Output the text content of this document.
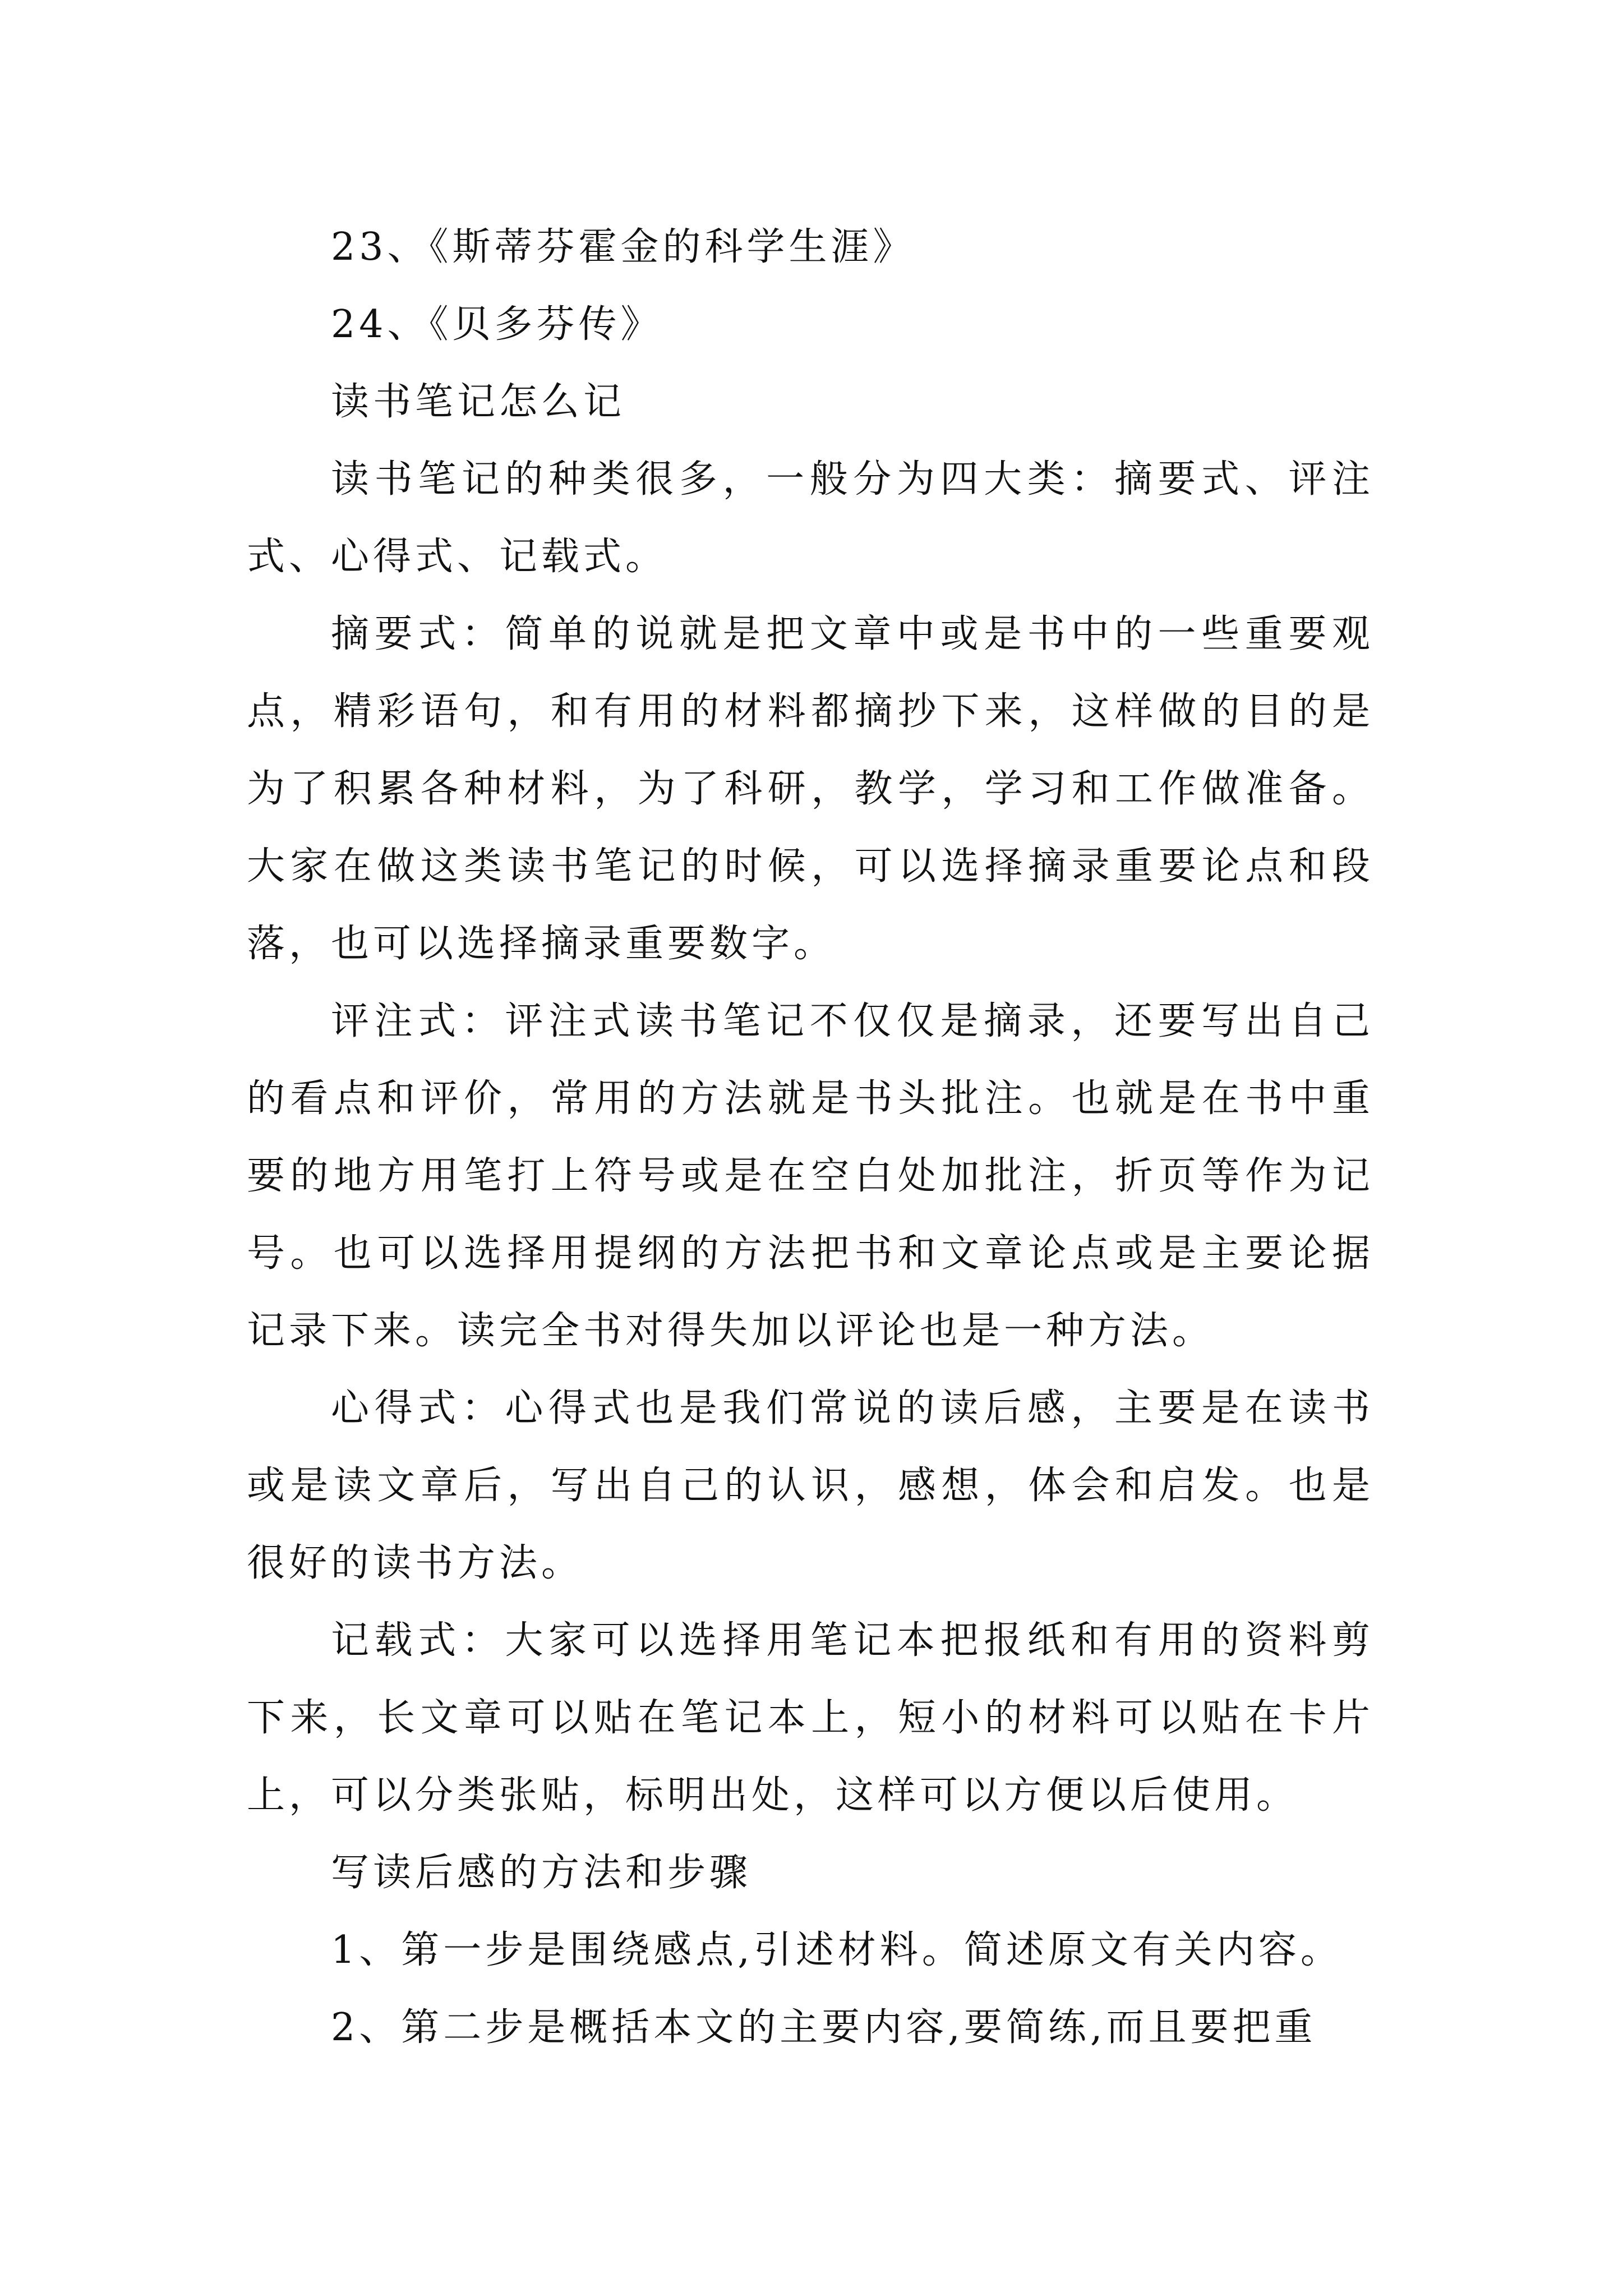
23、《斯蒂芬霍金的科学生涯》

24、《贝多芬传》

读书笔记怎么记

读书笔记的种类很多，一般分为四大类：摘要式、评注式、心得式、记载式。

摘要式：简单的说就是把文章中或是书中的一些重要观点，精彩语句，和有用的材料都摘抄下来，这样做的目的是为了积累各种材料，为了科研，教学，学习和工作做准备。大家在做这类读书笔记的时候，可以选择摘录重要论点和段落，也可以选择摘录重要数字。

评注式：评注式读书笔记不仅仅是摘录，还要写出自己的看点和评价，常用的方法就是书头批注。也就是在书中重要的地方用笔打上符号或是在空白处加批注，折页等作为记号。也可以选择用提纲的方法把书和文章论点或是主要论据记录下来。读完全书对得失加以评论也是一种方法。

心得式：心得式也是我们常说的读后感，主要是在读书或是读文章后，写出自己的认识，感想，体会和启发。也是很好的读书方法。

记载式：大家可以选择用笔记本把报纸和有用的资料剪下来，长文章可以贴在笔记本上，短小的材料可以贴在卡片上，可以分类张贴，标明出处，这样可以方便以后使用。

写读后感的方法和步骤

1、第一步是围绕感点,引述材料。简述原文有关内容。

2、第二步是概括本文的主要内容,要简练,而且要把重
